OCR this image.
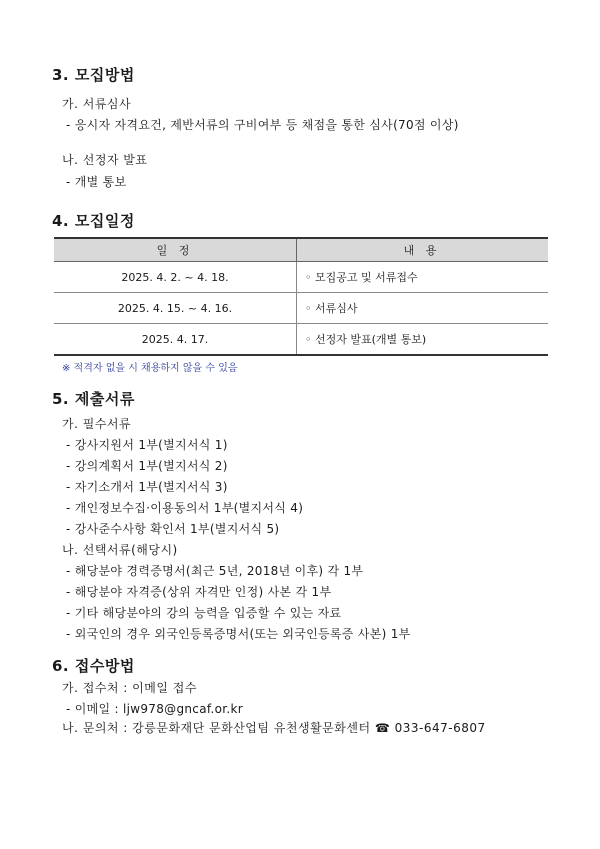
3. 모집방법
가. 서류심사
- 응시자 자격요건, 제반서류의 구비여부 등 채점을 통한 심사(70점 이상)
나. 선정자 발표
- 개별 통보
4. 모집일정
일 정	내 용
2025. 4. 2. ~ 4. 18.	◦ 모집공고 및 서류접수
2025. 4. 15. ~ 4. 16.	◦ 서류심사
2025. 4. 17.	◦ 선정자 발표(개별 통보)
※ 적격자 없을 시 채용하지 않을 수 있음
5. 제출서류
가. 필수서류
- 강사지원서 1부(별지서식 1)
- 강의계획서 1부(별지서식 2)
- 자기소개서 1부(별지서식 3)
- 개인정보수집·이용동의서 1부(별지서식 4)
- 강사준수사항 확인서 1부(별지서식 5)
나. 선택서류(해당시)
- 해당분야 경력증명서(최근 5년, 2018년 이후) 각 1부
- 해당분야 자격증(상위 자격만 인정) 사본 각 1부
- 기타 해당분야의 강의 능력을 입증할 수 있는 자료
- 외국인의 경우 외국인등록증명서(또는 외국인등록증 사본) 1부
6. 접수방법
가. 접수처 : 이메일 접수
- 이메일 : ljw978@gncaf.or.kr
나. 문의처 : 강릉문화재단 문화산업팀 유천생활문화센터 ☎ 033-647-6807
